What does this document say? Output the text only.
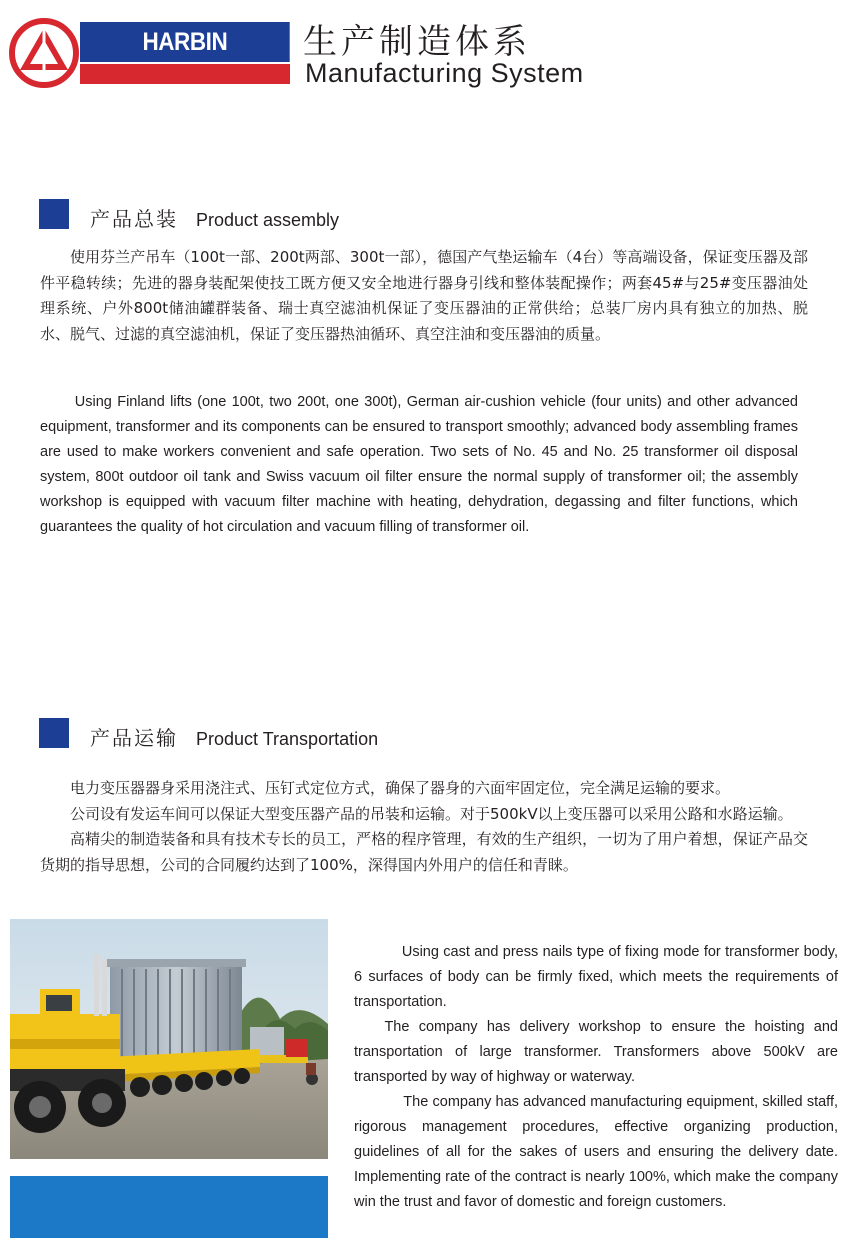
HARBIN	生产制造体系
Manufacturing System
产品总装 Product assembly

使用芬兰产吊车（100t一部、200t两部、300t一部），德国产气垫运输车（4台）等高端设备，保证变压器及部件平稳转续；先进的器身装配架使技工既方便又安全地进行器身引线和整体装配操作；两套45#与25#变压器油处理系统、户外800t储油罐群装备、瑞士真空滤油机保证了变压器油的正常供给；总装厂房内具有独立的加热、脱水、脱气、过滤的真空滤油机，保证了变压器热油循环、真空注油和变压器油的质量。

Using Finland lifts (one 100t, two 200t, one 300t), German air-cushion vehicle (four units) and other advanced equipment, transformer and its components can be ensured to transport smoothly; advanced body assembling frames are used to make workers convenient and safe operation. Two sets of No. 45 and No. 25 transformer oil disposal system, 800t outdoor oil tank and Swiss vacuum oil filter ensure the normal supply of transformer oil; the assembly workshop is equipped with vacuum filter machine with heating, dehydration, degassing and filter functions, which guarantees the quality of hot circulation and vacuum filling of transformer oil.

产品运输 Product Transportation

电力变压器器身采用浇注式、压钉式定位方式，确保了器身的六面牢固定位，完全满足运输的要求。

公司设有发运车间可以保证大型变压器产品的吊装和运输。对于500kV以上变压器可以采用公路和水路运输。

高精尖的制造装备和具有技术专长的员工，严格的程序管理，有效的生产组织，一切为了用户着想，保证产品交货期的指导思想，公司的合同履约达到了100%，深得国内外用户的信任和青睐。

Using cast and press nails type of fixing mode for transformer body, 6 surfaces of body can be firmly fixed, which meets the requirements of transportation.

The company has delivery workshop to ensure the hoisting and transportation of large transformer. Transformers above 500kV are transported by way of highway or waterway.

The company has advanced manufacturing equipment, skilled staff, rigorous management procedures, effective organizing production, guidelines of all for the sakes of users and ensuring the delivery date. Implementing rate of the contract is nearly 100%, which make the company win the trust and favor of domestic and foreign customers.
